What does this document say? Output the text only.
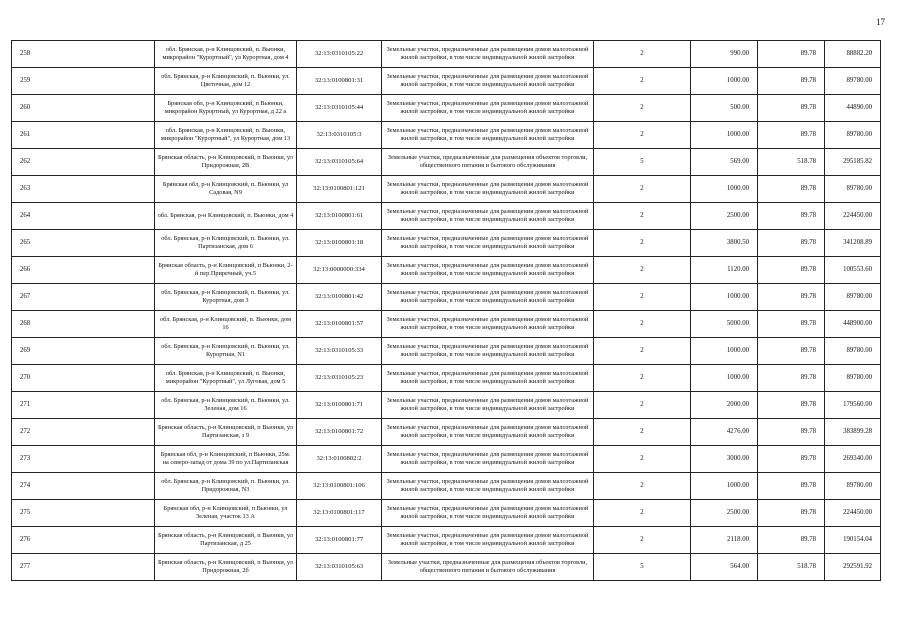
17
258	обл. Брянская, р-н Клинцовский, п. Вьюнки, микрорайон "Курортный", ул Курортная, дом 4	32:13:0310105:22	Земельные участки, предназначенные для размещения домов малоэтажной жилой застройки, в том числе индивидуальной жилой застройки	2	990.00	89.78	88882.20
259	обл. Брянская, р-н Клинцовский, п. Вьюнки, ул. Цветочная, дом 12	32:13:0100801:31	Земельные участки, предназначенные для размещения домов малоэтажной жилой застройки, в том числе индивидуальной жилой застройки	2	1000.00	89.78	89780.00
260	Брянская обл, р-н Клинцовский, п Вьюнки, микрорайон Курортный, ул Курортная, д 22 а	32:13:0310105:44	Земельные участки, предназначенные для размещения домов малоэтажной жилой застройки, в том числе индивидуальной жилой застройки	2	500.00	89.78	44890.00
261	обл. Брянская, р-н Клинцовский, п. Вьюнки, микрорайон "Курортный", ул Курортная, дом 13	32:13:0310105:3	Земельные участки, предназначенные для размещения домов малоэтажной жилой застройки, в том числе индивидуальной жилой застройки	2	1000.00	89.78	89780.00
262	Брянская область, р-н Клинцовский, п Вьюнки, ул Придорожная, 2В	32:13:0310105:64	Земельные участки, предназначенные для размещения объектов торговли, общественного питания и бытового обслуживания	5	569.00	518.78	295185.82
263	Брянская обл, р-н Клинцовский, п. Вьюнки, ул Садовая, N9	32:13:0100801:121	Земельные участки, предназначенные для размещения домов малоэтажной жилой застройки, в том числе индивидуальной жилой застройки	2	1000.00	89.78	89780.00
264	обл. Брянская, р-н Клинцовский, п. Вьюнки, дом 4	32:13:0100801:61	Земельные участки, предназначенные для размещения домов малоэтажной жилой застройки, в том числе индивидуальной жилой застройки	2	2500.00	89.78	224450.00
265	обл. Брянская, р-н Клинцовский, п. Вьюнки, ул. Партизанская, дом 6	32:13:0100801:18	Земельные участки, предназначенные для размещения домов малоэтажной жилой застройки, в том числе индивидуальной жилой застройки	2	3800.50	89.78	341208.89
266	Брянская область, р-н Клинцовский, п Вьюнки, 2-й пер.Приречный, уч.5	32:13:0000000:334	Земельные участки, предназначенные для размещения домов малоэтажной жилой застройки, в том числе индивидуальной жилой застройки	2	1120.00	89.78	100553.60
267	обл. Брянская, р-н Клинцовский, п. Вьюнки, ул. Курортная, дом 3	32:13:0100801:42	Земельные участки, предназначенные для размещения домов малоэтажной жилой застройки, в том числе индивидуальной жилой застройки	2	1000.00	89.78	89780.00
268	обл. Брянская, р-н Клинцовский, п. Вьюнки, дом 16	32:13:0100801:57	Земельные участки, предназначенные для размещения домов малоэтажной жилой застройки, в том числе индивидуальной жилой застройки	2	5000.00	89.78	448900.00
269	обл. Брянская, р-н Клинцовский, п. Вьюнки, ул. Курортная, N1	32:13:0310105:33	Земельные участки, предназначенные для размещения домов малоэтажной жилой застройки, в том числе индивидуальной жилой застройки	2	1000.00	89.78	89780.00
270	обл. Брянская, р-н Клинцовский, п. Вьюнки, микрорайон "Курортный", ул Луговая, дом 5	32:13:0310105:23	Земельные участки, предназначенные для размещения домов малоэтажной жилой застройки, в том числе индивидуальной жилой застройки	2	1000.00	89.78	89780.00
271	обл. Брянская, р-н Клинцовский, п. Вьюнки, ул. Зеленая, дом 16	32:13:0100801:71	Земельные участки, предназначенные для размещения домов малоэтажной жилой застройки, в том числе индивидуальной жилой застройки	2	2000.00	89.78	179560.00
272	Брянская область, р-н Клинцовский, п Вьюнки, ул Партизанская, з 9	32:13:0100801:72	Земельные участки, предназначенные для размещения домов малоэтажной жилой застройки, в том числе индивидуальной жилой застройки	2	4276.00	89.78	383899.28
273	Брянская обл, р-н Клинцовский, п Вьюнки, 25м. на северо-запад от дома 39 по ул.Партизанская	32:13:0100802:2	Земельные участки, предназначенные для размещения домов малоэтажной жилой застройки, в том числе индивидуальной жилой застройки	2	3000.00	89.78	269340.00
274	обл. Брянская, р-н Клинцовский, п. Вьюнки, ул. Придорожная, N3	32:13:0100801:106	Земельные участки, предназначенные для размещения домов малоэтажной жилой застройки, в том числе индивидуальной жилой застройки	2	1000.00	89.78	89780.00
275	Брянская обл, р-н Клинцовский, п Вьюнки, ул Зеленая, участок 13 А	32:13:0100801:117	Земельные участки, предназначенные для размещения домов малоэтажной жилой застройки, в том числе индивидуальной жилой застройки	2	2500.00	89.78	224450.00
276	Брянская область, р-н Клинцовский, п Вьюнки, ул Партизанская, д 25	32:13:0100801:77	Земельные участки, предназначенные для размещения домов малоэтажной жилой застройки, в том числе индивидуальной жилой застройки	2	2118.00	89.78	190154.04
277	Брянская область, р-н Клинцовский, п Вьюнки, ул Придорожная, 2б	32:13:0310105:63	Земельные участки, предназначенные для размещения объектов торговли, общественного питания и бытового обслуживания	5	564.00	518.78	292591.92
